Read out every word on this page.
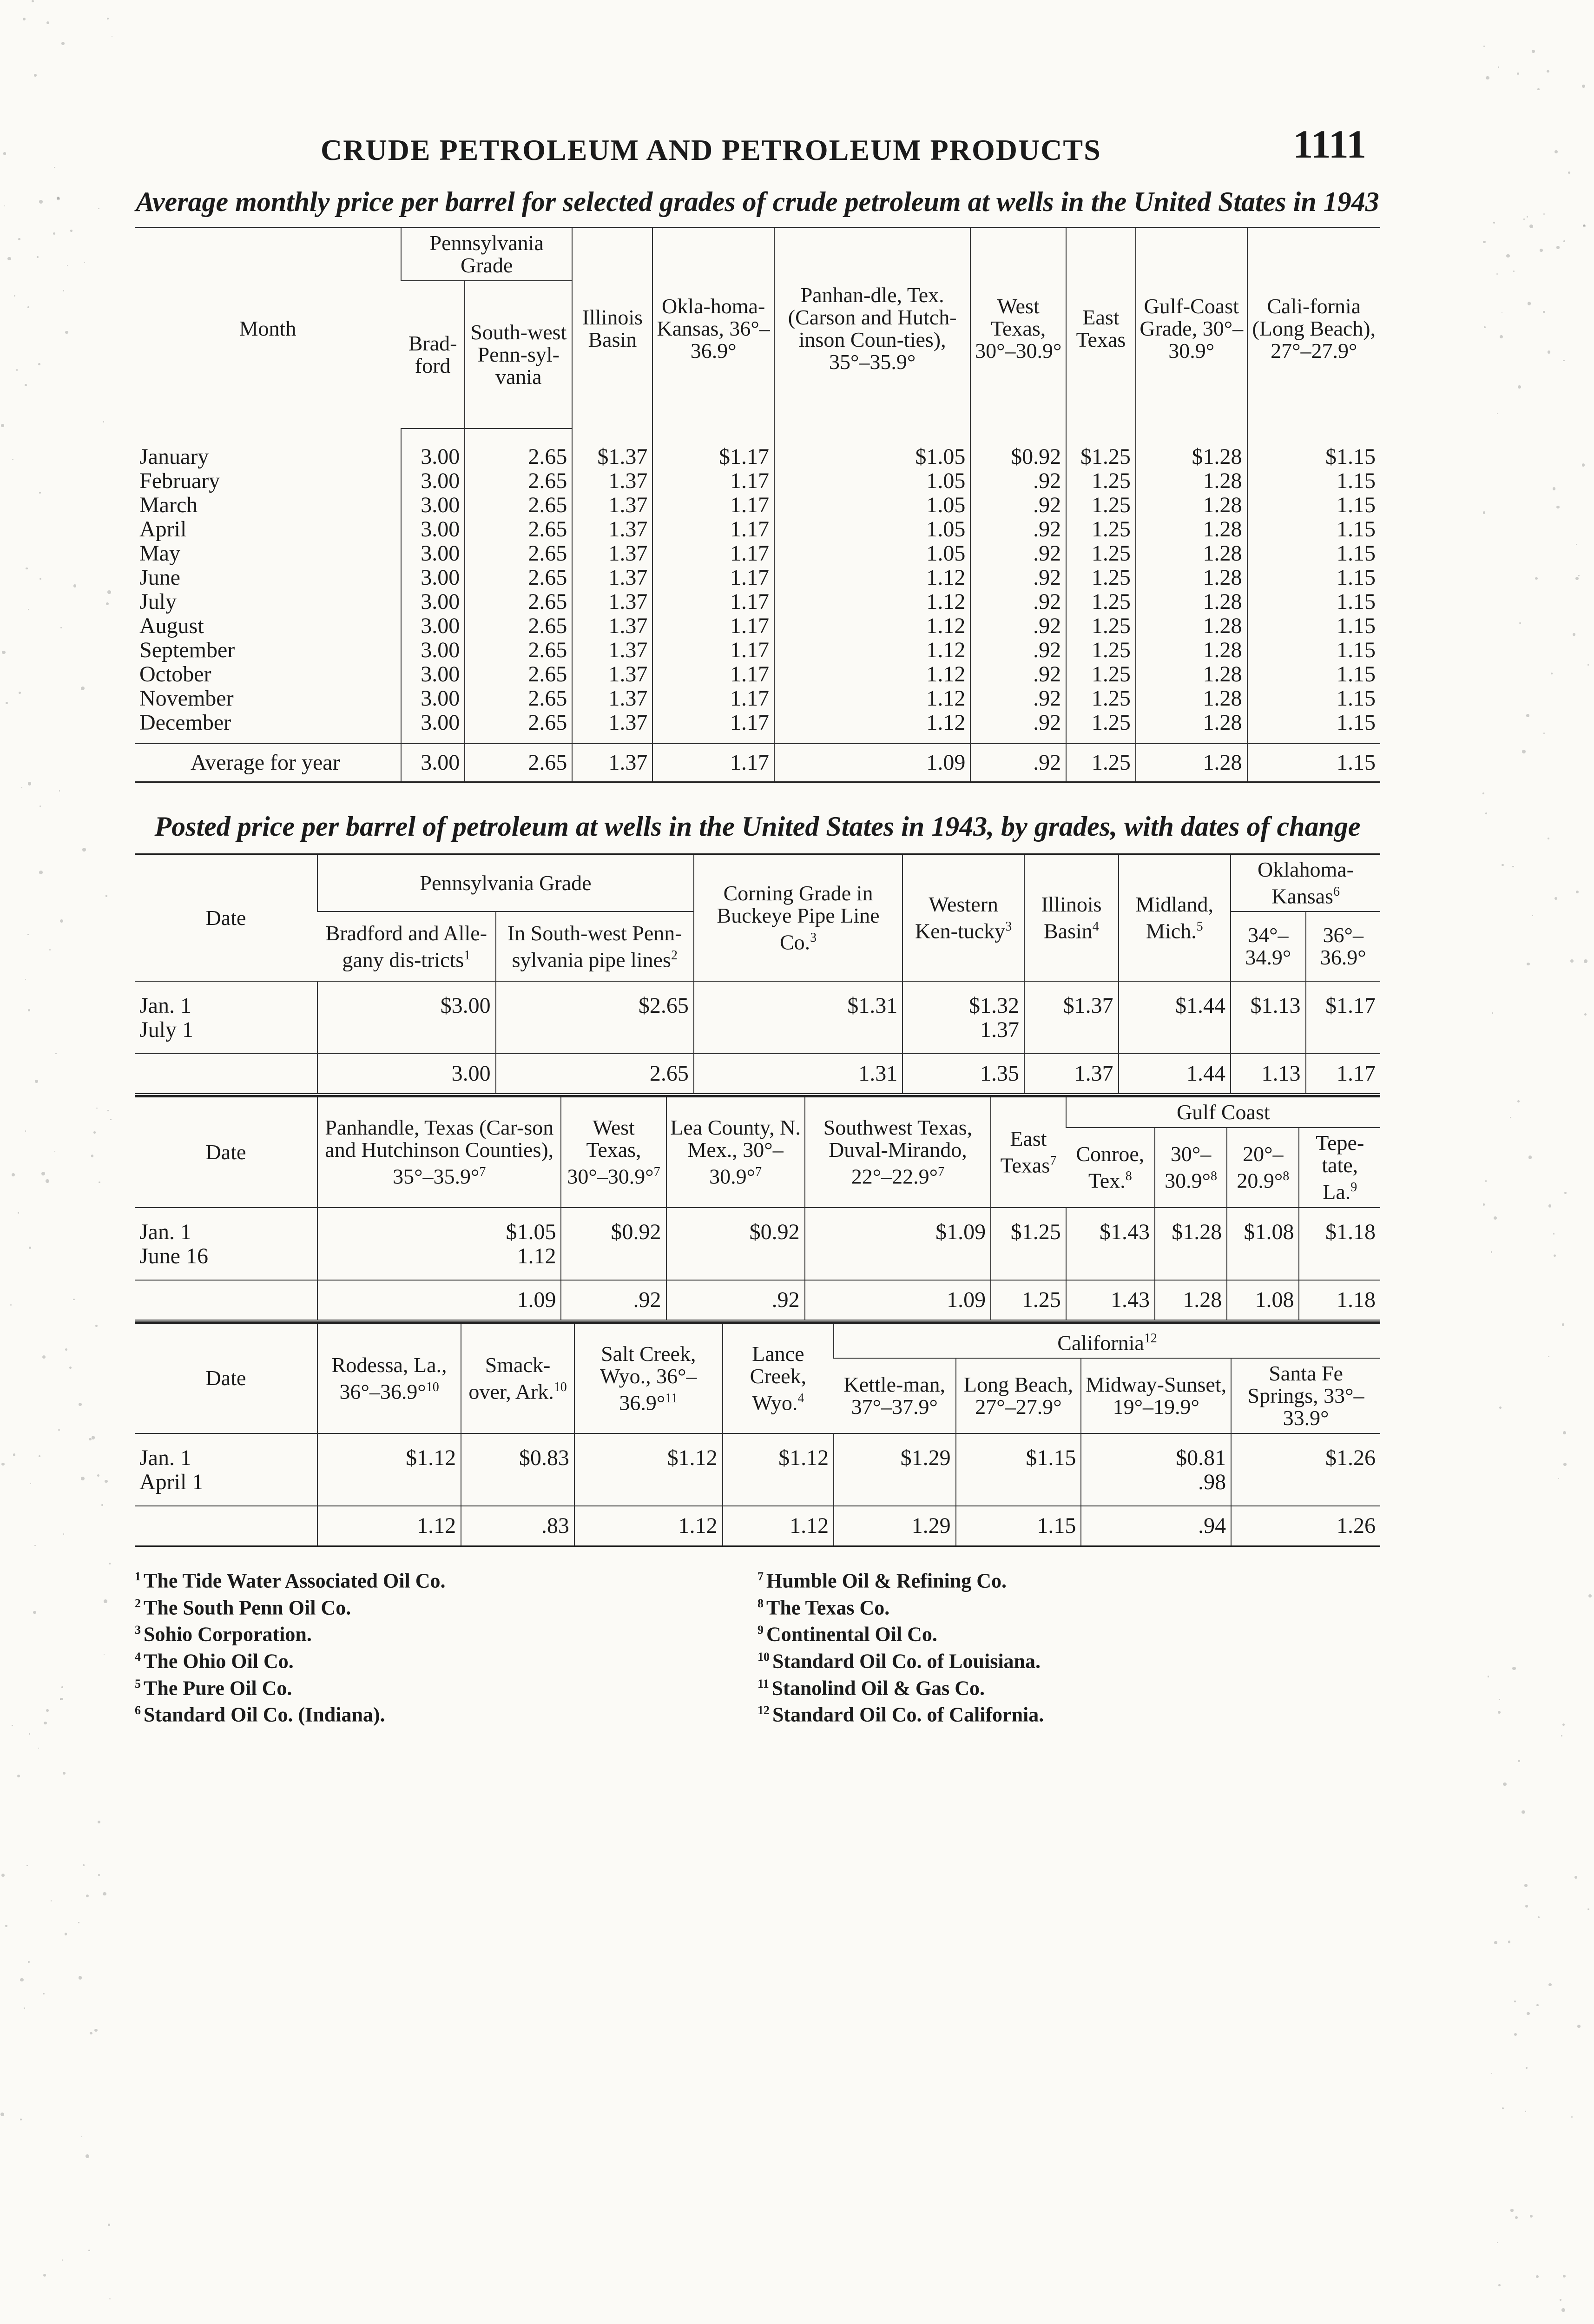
CRUDE PETROLEUM AND PETROLEUM PRODUCTS	1111
Average monthly price per barrel for selected grades of crude petroleum at wells in the United States in 1943
Month	Pennsylvania Grade		Illinois Basin	Okla-homa-Kansas, 36°–36.9°	Panhan-dle, Tex. (Carson and Hutch-inson Coun-ties), 35°–35.9°	West Texas, 30°–30.9°	East Texas	Gulf-Coast Grade, 30°–30.9°	Cali-fornia (Long Beach), 27°–27.9°
	Brad-ford	South-west Penn-syl-vania							
January	3.00	2.65	$1.37	$1.17	$1.05	$0.92	$1.25	$1.28	$1.15
February	3.00	2.65	1.37	1.17	1.05	.92	1.25	1.28	1.15
March	3.00	2.65	1.37	1.17	1.05	.92	1.25	1.28	1.15
April	3.00	2.65	1.37	1.17	1.05	.92	1.25	1.28	1.15
May	3.00	2.65	1.37	1.17	1.05	.92	1.25	1.28	1.15
June	3.00	2.65	1.37	1.17	1.12	.92	1.25	1.28	1.15
July	3.00	2.65	1.37	1.17	1.12	.92	1.25	1.28	1.15
August	3.00	2.65	1.37	1.17	1.12	.92	1.25	1.28	1.15
September	3.00	2.65	1.37	1.17	1.12	.92	1.25	1.28	1.15
October	3.00	2.65	1.37	1.17	1.12	.92	1.25	1.28	1.15
November	3.00	2.65	1.37	1.17	1.12	.92	1.25	1.28	1.15
December	3.00	2.65	1.37	1.17	1.12	.92	1.25	1.28	1.15
Average for year	3.00	2.65	1.37	1.17	1.09	.92	1.25	1.28	1.15
Posted price per barrel of petroleum at wells in the United States in 1943, by grades, with dates of change
Date	Pennsylvania Grade		Corning Grade in Buckeye Pipe Line Co.$^3$	Western Ken-tucky$^3$	Illinois Basin$^4$	Midland, Mich.$^5$	Oklahoma-Kansas$^6$
	Bradford and Alle-gany dis-tricts$^1$	In South-west Penn-sylvania pipe lines$^2$					34°–34.9°	36°–36.9°
Jan. 1	$3.00	$2.65	$1.31	$1.32	$1.37	$1.44	$1.13	$1.17
July 1				1.37				
	3.00	2.65	1.31	1.35	1.37	1.44	1.13	1.17
Date	Panhandle, Texas (Car-son and Hutchinson Counties), 35°–35.9°$^7$	West Texas, 30°–30.9°$^7$	Lea County, N. Mex., 30°–30.9°$^7$	Southwest Texas, Duval-Mirando, 22°–22.9°$^7$	East Texas$^7$	Gulf Coast			
						Conroe, Tex.$^8$	30°–30.9°$^8$	20°–20.9°$^8$	Tepe-tate, La.$^9$
Jan. 1	$1.05	$0.92	$0.92	$1.09	$1.25	$1.43	$1.28	$1.08	$1.18
June 16	1.12								
	1.09	.92	.92	1.09	1.25	1.43	1.28	1.08	1.18
Date	Rodessa, La., 36°–36.9°$^{10}$	Smack-over, Ark.$^{10}$	Salt Creek, Wyo., 36°–36.9°$^{11}$	Lance Creek, Wyo.$^4$	California$^{12}$
					Kettle-man, 37°–37.9°	Long Beach, 27°–27.9°	Midway-Sunset, 19°–19.9°	Santa Fe Springs, 33°–33.9°
Jan. 1	$1.12	$0.83	$1.12	$1.12	$1.29	$1.15	$0.81	$1.26
April 1							.98	
	1.12	.83	1.12	1.12	1.29	1.15	.94	1.26
$^1$ The Tide Water Associated Oil Co.
$^2$ The South Penn Oil Co.
$^3$ Sohio Corporation.
$^4$ The Ohio Oil Co.
$^5$ The Pure Oil Co.
$^6$ Standard Oil Co. (Indiana).
$^7$ Humble Oil & Refining Co.
$^8$ The Texas Co.
$^9$ Continental Oil Co.
$^{10}$ Standard Oil Co. of Louisiana.
$^{11}$ Stanolind Oil & Gas Co.
$^{12}$ Standard Oil Co. of California.
